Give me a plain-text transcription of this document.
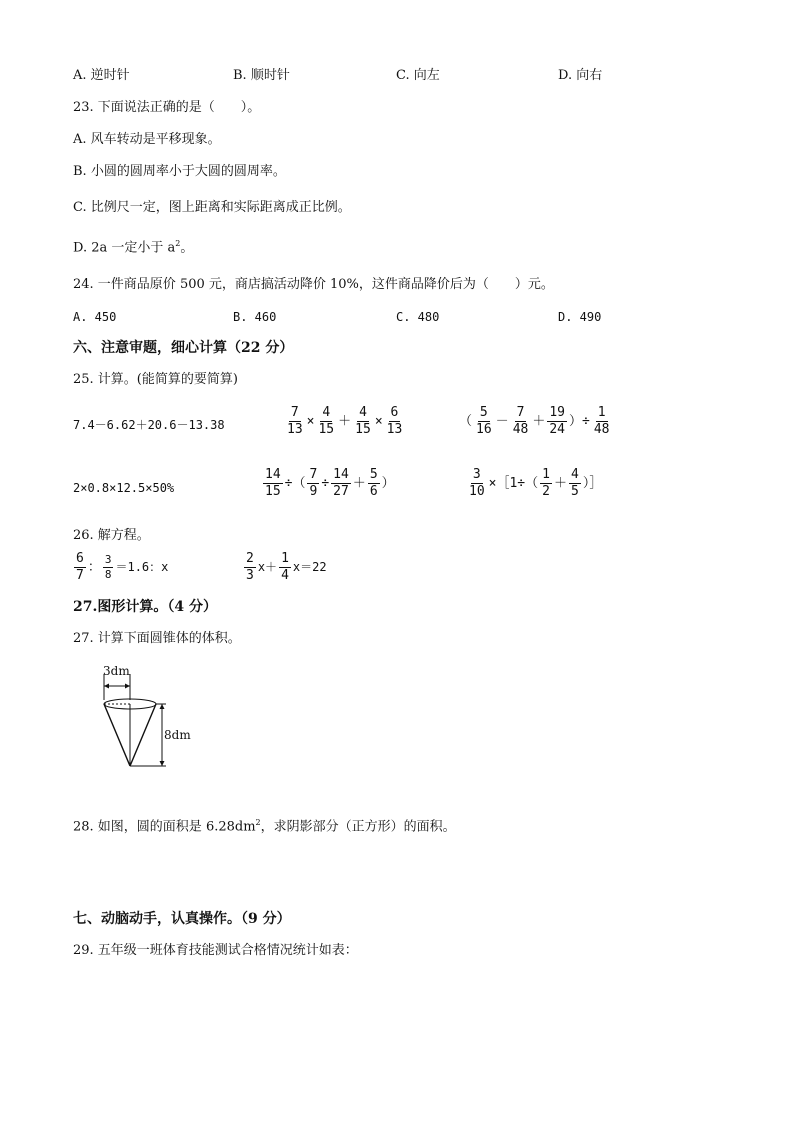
A. 逆时针	B. 顺时针	C. 向左	D. 向右
23. 下面说法正确的是（　　）。
A. 风车转动是平移现象。
B. 小圆的圆周率小于大圆的圆周率。
C. 比例尺一定，图上距离和实际距离成正比例。
D. 2a 一定小于 $a^2$。
24. 一件商品原价 500 元，商店搞活动降价 10%，这件商品降价后为（　　）元。
A. 450	B. 460	C. 480	D. 490
六、注意审题，细心计算（22 分）
25. 计算。(能简算的要简算)
7.4－6.62＋20.6－13.38	$\frac{7}{13} \times \frac{4}{15} + \frac{4}{15} \times \frac{6}{13}$	（ $\frac{5}{16} - \frac{7}{48} + \frac{19}{24}$ ）÷ $\frac{1}{48}$
2×0.8×12.5×50%	$\frac{14}{15}$ ÷（ $\frac{7}{9} \div \frac{14}{27} + \frac{5}{6}$ ）	$\frac{3}{10}$ ×［1÷（ $\frac{1}{2} + \frac{4}{5}$ ）］
26. 解方程。
$\frac{6}{7}$ ： $\frac{3}{8} =1.6$：x	$\frac{2}{3} x+ \frac{1}{4} x=22$
27.图形计算。（4 分）
27. 计算下面圆锥体的体积。
3dm
8dm
28. 如图，圆的面积是 $6.28dm^2$，求阴影部分（正方形）的面积。
七、动脑动手，认真操作。（9 分）
29. 五年级一班体育技能测试合格情况统计如表：
